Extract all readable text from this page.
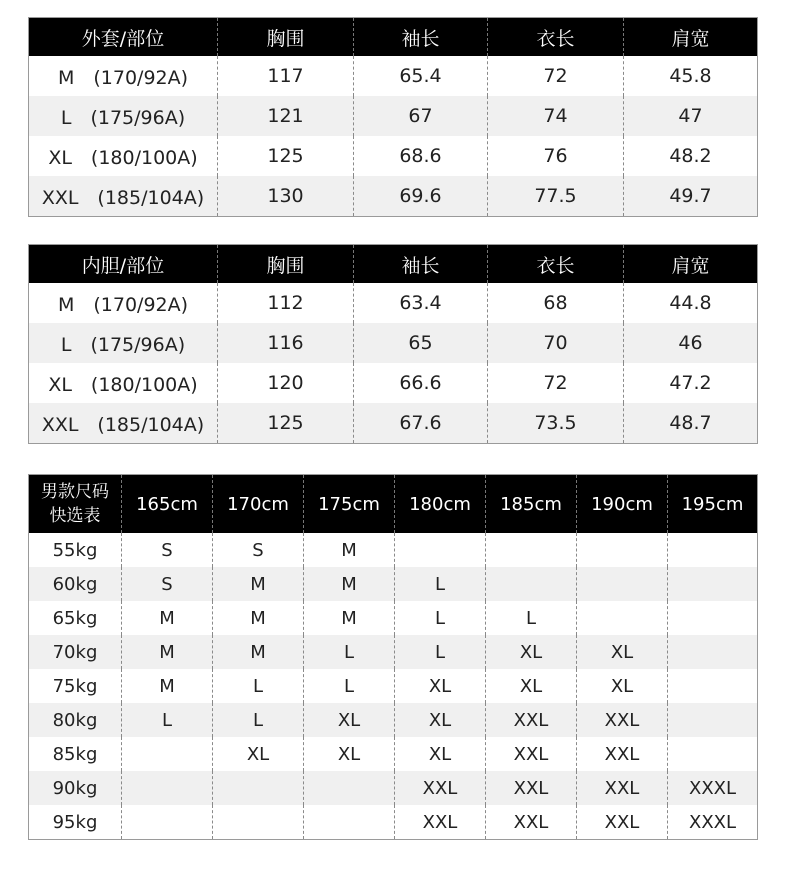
外套/部位	胸围	袖长	衣长	肩宽
M　(170/92A)	117	65.4	72	45.8
L　(175/96A)	121	67	74	47
XL　(180/100A)	125	68.6	76	48.2
XXL　(185/104A)	130	69.6	77.5	49.7
内胆/部位	胸围	袖长	衣长	肩宽
M　(170/92A)	112	63.4	68	44.8
L　(175/96A)	116	65	70	46
XL　(180/100A)	120	66.6	72	47.2
XXL　(185/104A)	125	67.6	73.5	48.7
男款尺码
快选表	165cm	170cm	175cm	180cm	185cm	190cm	195cm
55kg	S	S	M				
60kg	S	M	M	L			
65kg	M	M	M	L	L		
70kg	M	M	L	L	XL	XL	
75kg	M	L	L	XL	XL	XL	
80kg	L	L	XL	XL	XXL	XXL	
85kg		XL	XL	XL	XXL	XXL	
90kg				XXL	XXL	XXL	XXXL
95kg				XXL	XXL	XXL	XXXL
